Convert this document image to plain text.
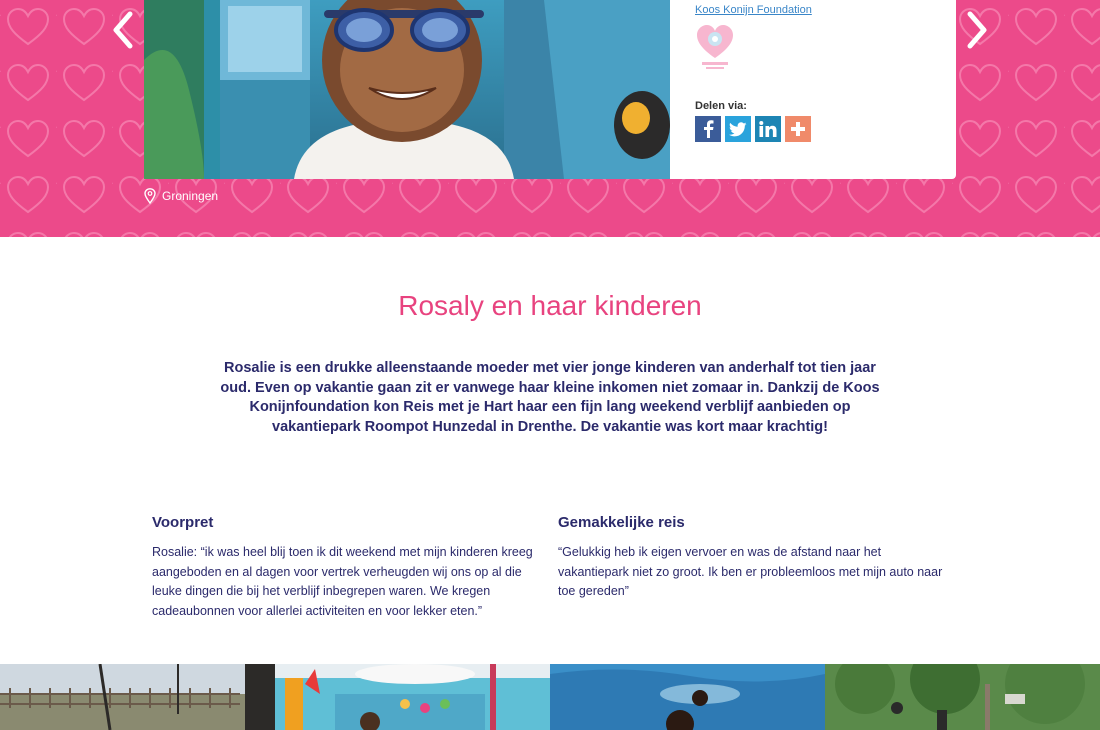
Koos Konijn Foundation
Delen via:
Groningen
Rosaly en haar kinderen

Rosalie is een drukke alleenstaande moeder met vier jonge kinderen van anderhalf tot tien jaar oud. Even op vakantie gaan zit er vanwege haar kleine inkomen niet zomaar in. Dankzij de Koos Konijnfoundation kon Reis met je Hart haar een fijn lang weekend verblijf aanbieden op vakantiepark Roompot Hunzedal in Drenthe. De vakantie was kort maar krachtig!

Voorpret

Rosalie: “ik was heel blij toen ik dit weekend met mijn kinderen kreeg aangeboden en al dagen voor vertrek verheugden wij ons op al die leuke dingen die bij het verblijf inbegrepen waren. We kregen cadeaubonnen voor allerlei activiteiten en voor lekker eten.”

Gemakkelijke reis

“Gelukkig heb ik eigen vervoer en was de afstand naar het vakantiepark niet zo groot. Ik ben er probleemloos met mijn auto naar toe gereden”
